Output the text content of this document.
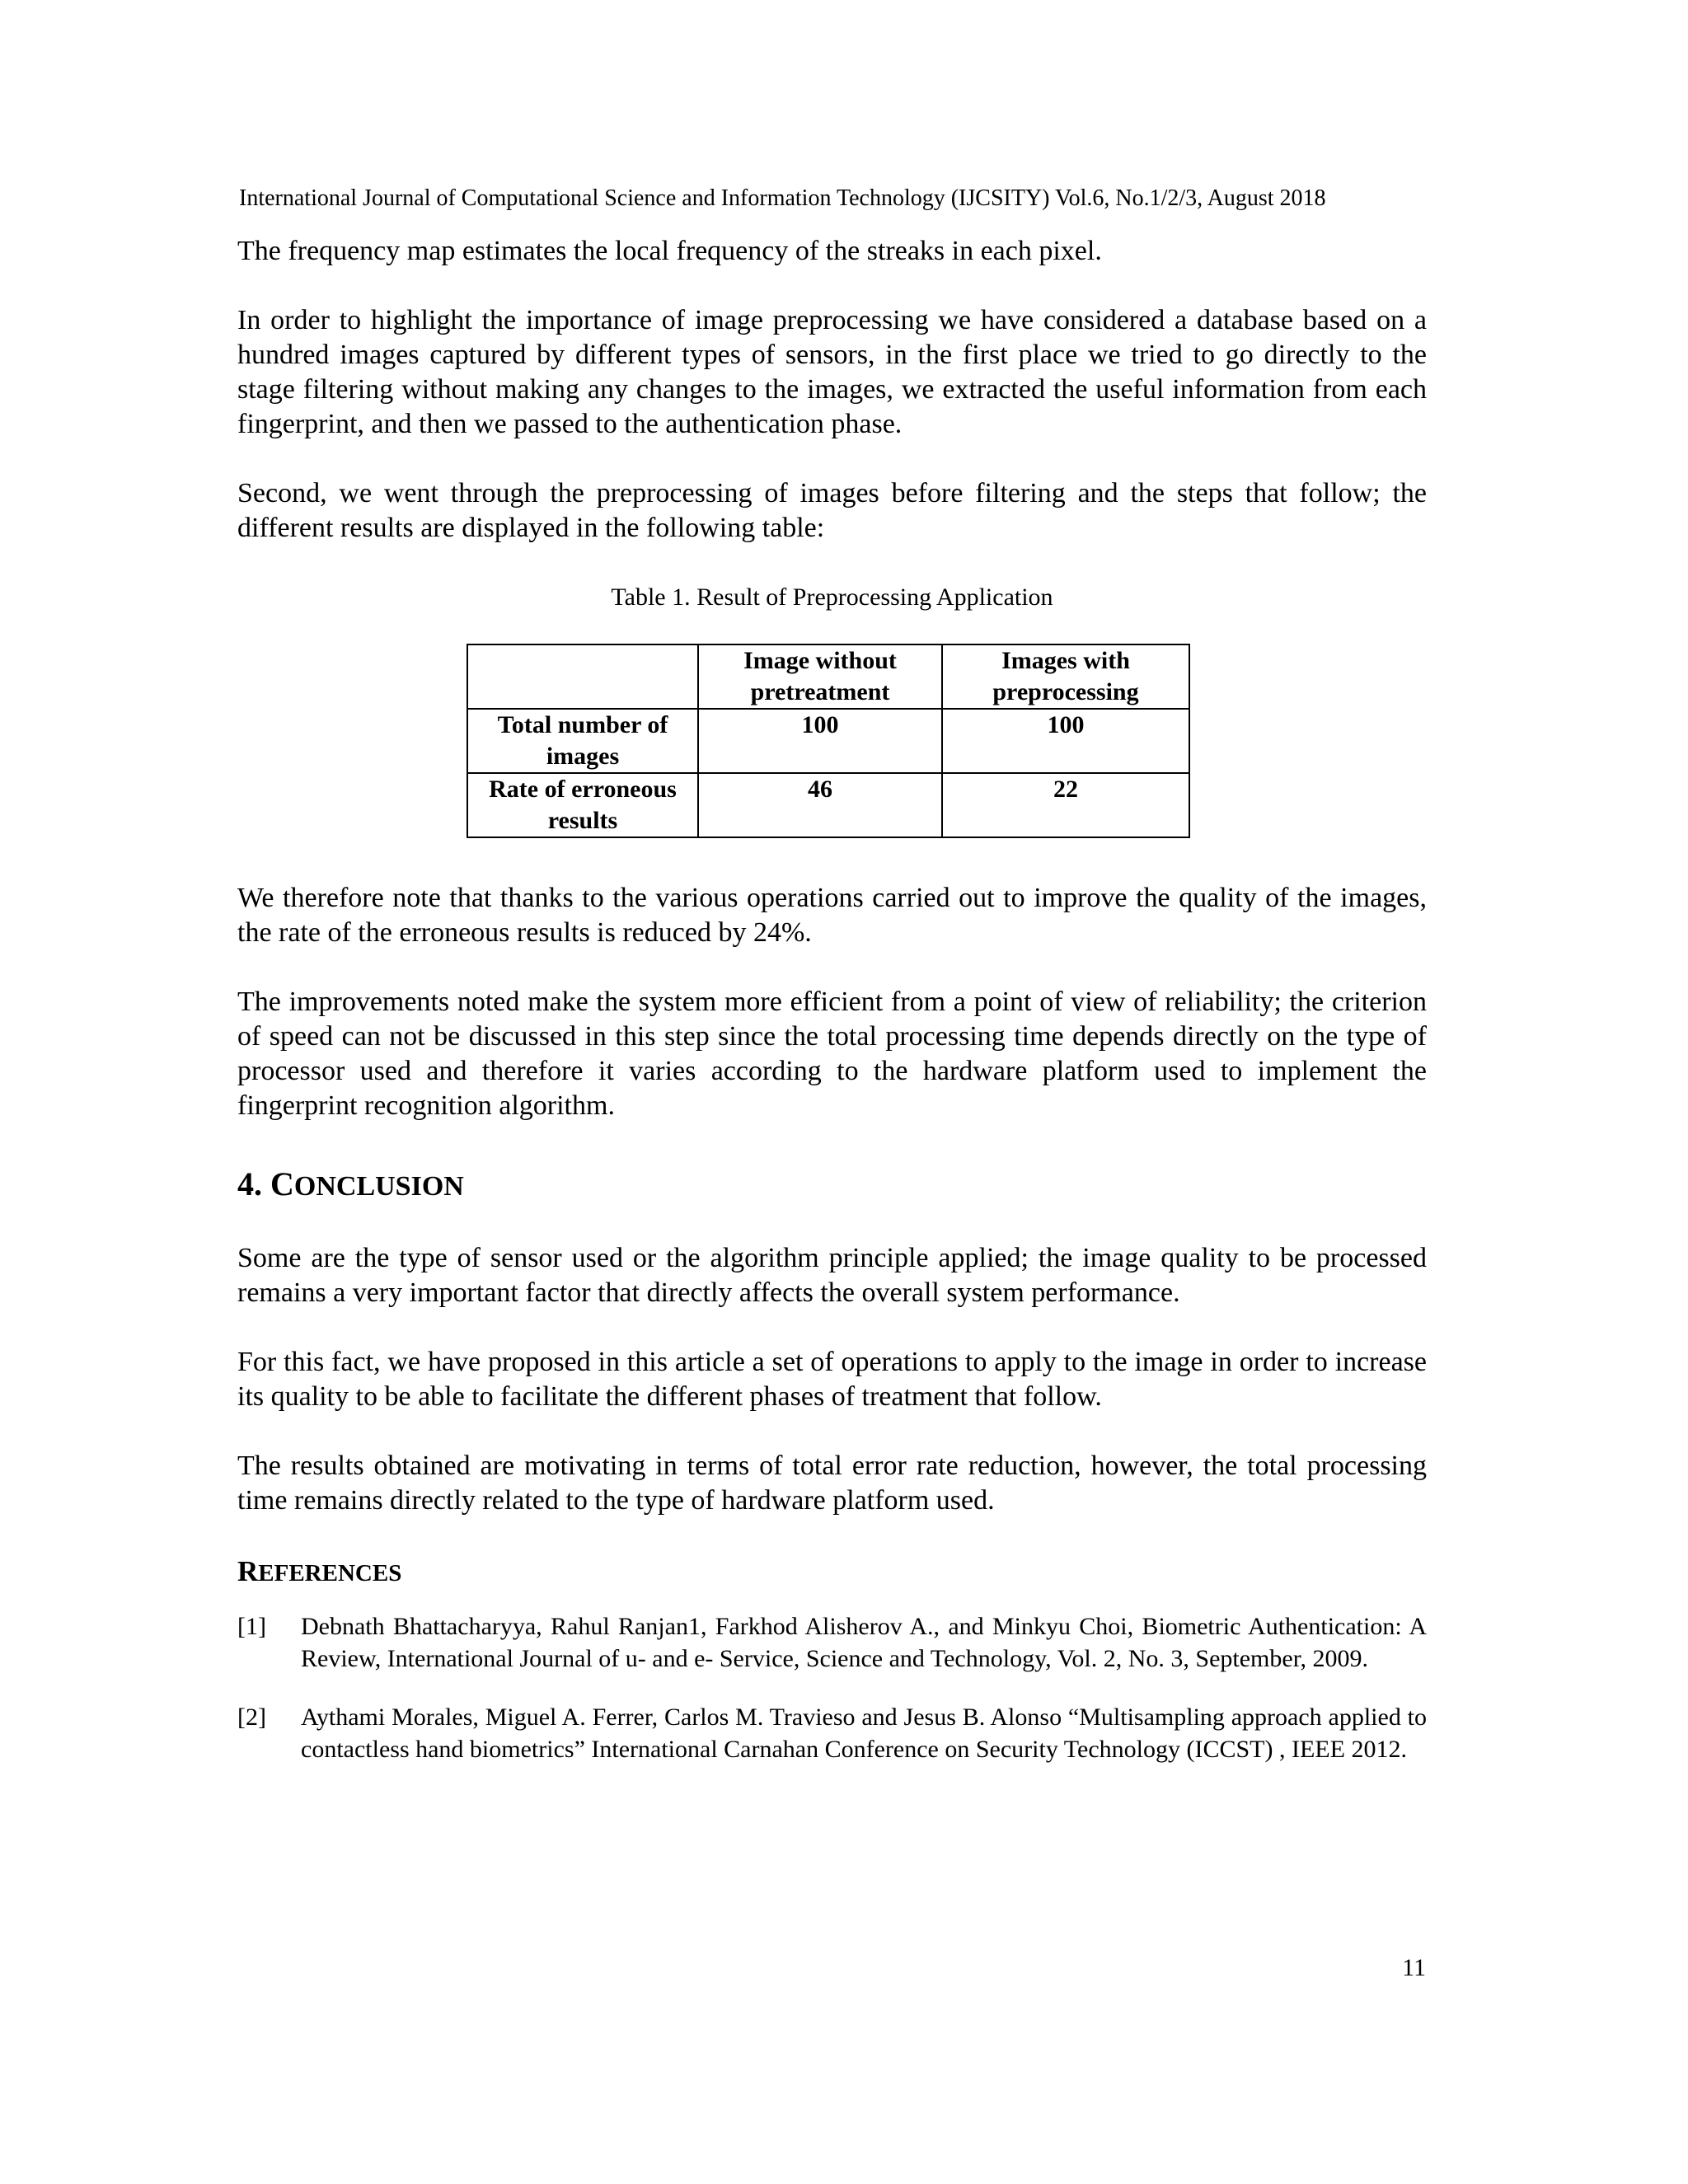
International Journal of Computational Science and Information Technology (IJCSITY) Vol.6, No.1/2/3, August 2018

The frequency map estimates the local frequency of the streaks in each pixel.

In order to highlight the importance of image preprocessing we have considered a database based on a hundred images captured by different types of sensors, in the first place we tried to go directly to the stage filtering without making any changes to the images, we extracted the useful information from each fingerprint, and then we passed to the authentication phase.

Second, we went through the preprocessing of images before filtering and the steps that follow; the different results are displayed in the following table:

Table 1. Result of Preprocessing Application
	Image without pretreatment	Images with preprocessing
Total number of images	100	100
Rate of erroneous results	46	22

We therefore note that thanks to the various operations carried out to improve the quality of the images, the rate of the erroneous results is reduced by 24%.

The improvements noted make the system more efficient from a point of view of reliability; the criterion of speed can not be discussed in this step since the total processing time depends directly on the type of processor used and therefore it varies according to the hardware platform used to implement the fingerprint recognition algorithm.

4. CONCLUSION

Some are the type of sensor used or the algorithm principle applied; the image quality to be processed remains a very important factor that directly affects the overall system performance.

For this fact, we have proposed in this article a set of operations to apply to the image in order to increase its quality to be able to facilitate the different phases of treatment that follow.

The results obtained are motivating in terms of total error rate reduction, however, the total processing time remains directly related to the type of hardware platform used.

REFERENCES
[1]	Debnath Bhattacharyya, Rahul Ranjan1, Farkhod Alisherov A., and Minkyu Choi, Biometric Authentication: A Review, International Journal of u- and e- Service, Science and Technology, Vol. 2, No. 3, September, 2009.
[2]	Aythami Morales, Miguel A. Ferrer, Carlos M. Travieso and Jesus B. Alonso “Multisampling approach applied to contactless hand biometrics” International Carnahan Conference on Security Technology (ICCST) , IEEE 2012.
11
